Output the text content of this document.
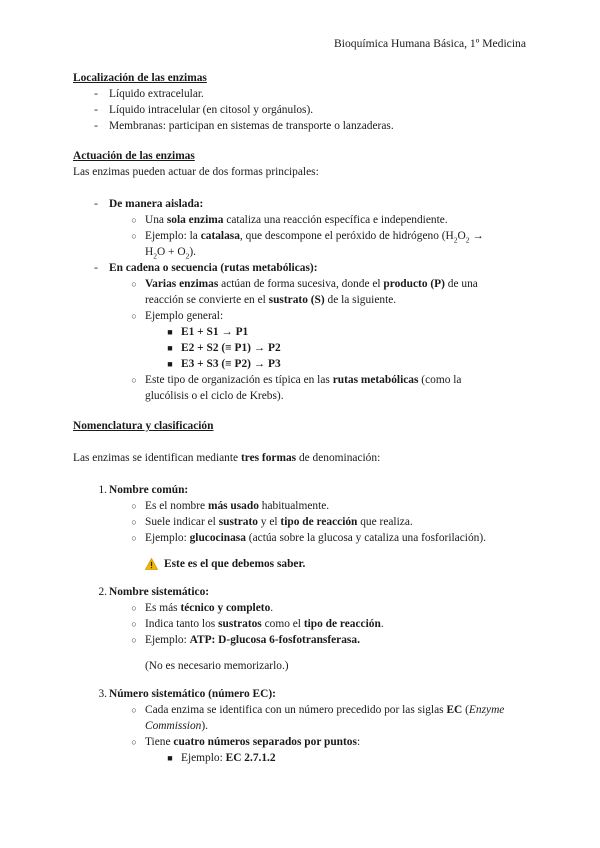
Bioquímica Humana Básica, 1º Medicina
Localización de las enzimas
- Líquido extracelular.
- Líquido intracelular (en citosol y orgánulos).
- Membranas: participan en sistemas de transporte o lanzaderas.
Actuación de las enzimas
Las enzimas pueden actuar de dos formas principales:
- De manera aislada:
○ Una sola enzima cataliza una reacción específica e independiente.
○ Ejemplo: la catalasa, que descompone el peróxido de hidrógeno ($H_2O_2$ →
$H_2O + O_2$).
- En cadena o secuencia (rutas metabólicas):
○ Varias enzimas actúan de forma sucesiva, donde el producto (P) de una
reacción se convierte en el sustrato (S) de la siguiente.
○ Ejemplo general:
■ E1 + S1 → P1
■ E2 + S2 (≡ P1) → P2
■ E3 + S3 (≡ P2) → P3
○ Este tipo de organización es típica en las rutas metabólicas (como la
glucólisis o el ciclo de Krebs).
Nomenclatura y clasificación
Las enzimas se identifican mediante tres formas de denominación:
1. Nombre común:
○ Es el nombre más usado habitualmente.
○ Suele indicar el sustrato y el tipo de reacción que realiza.
○ Ejemplo: glucocinasa (actúa sobre la glucosa y cataliza una fosforilación).
Este es el que debemos saber.
2. Nombre sistemático:
○ Es más técnico y completo.
○ Indica tanto los sustratos como el tipo de reacción.
○ Ejemplo: ATP: D-glucosa 6-fosfotransferasa.
(No es necesario memorizarlo.)
3. Número sistemático (número EC):
○ Cada enzima se identifica con un número precedido por las siglas EC (Enzyme
Commission).
○ Tiene cuatro números separados por puntos:
■ Ejemplo: EC 2.7.1.2
